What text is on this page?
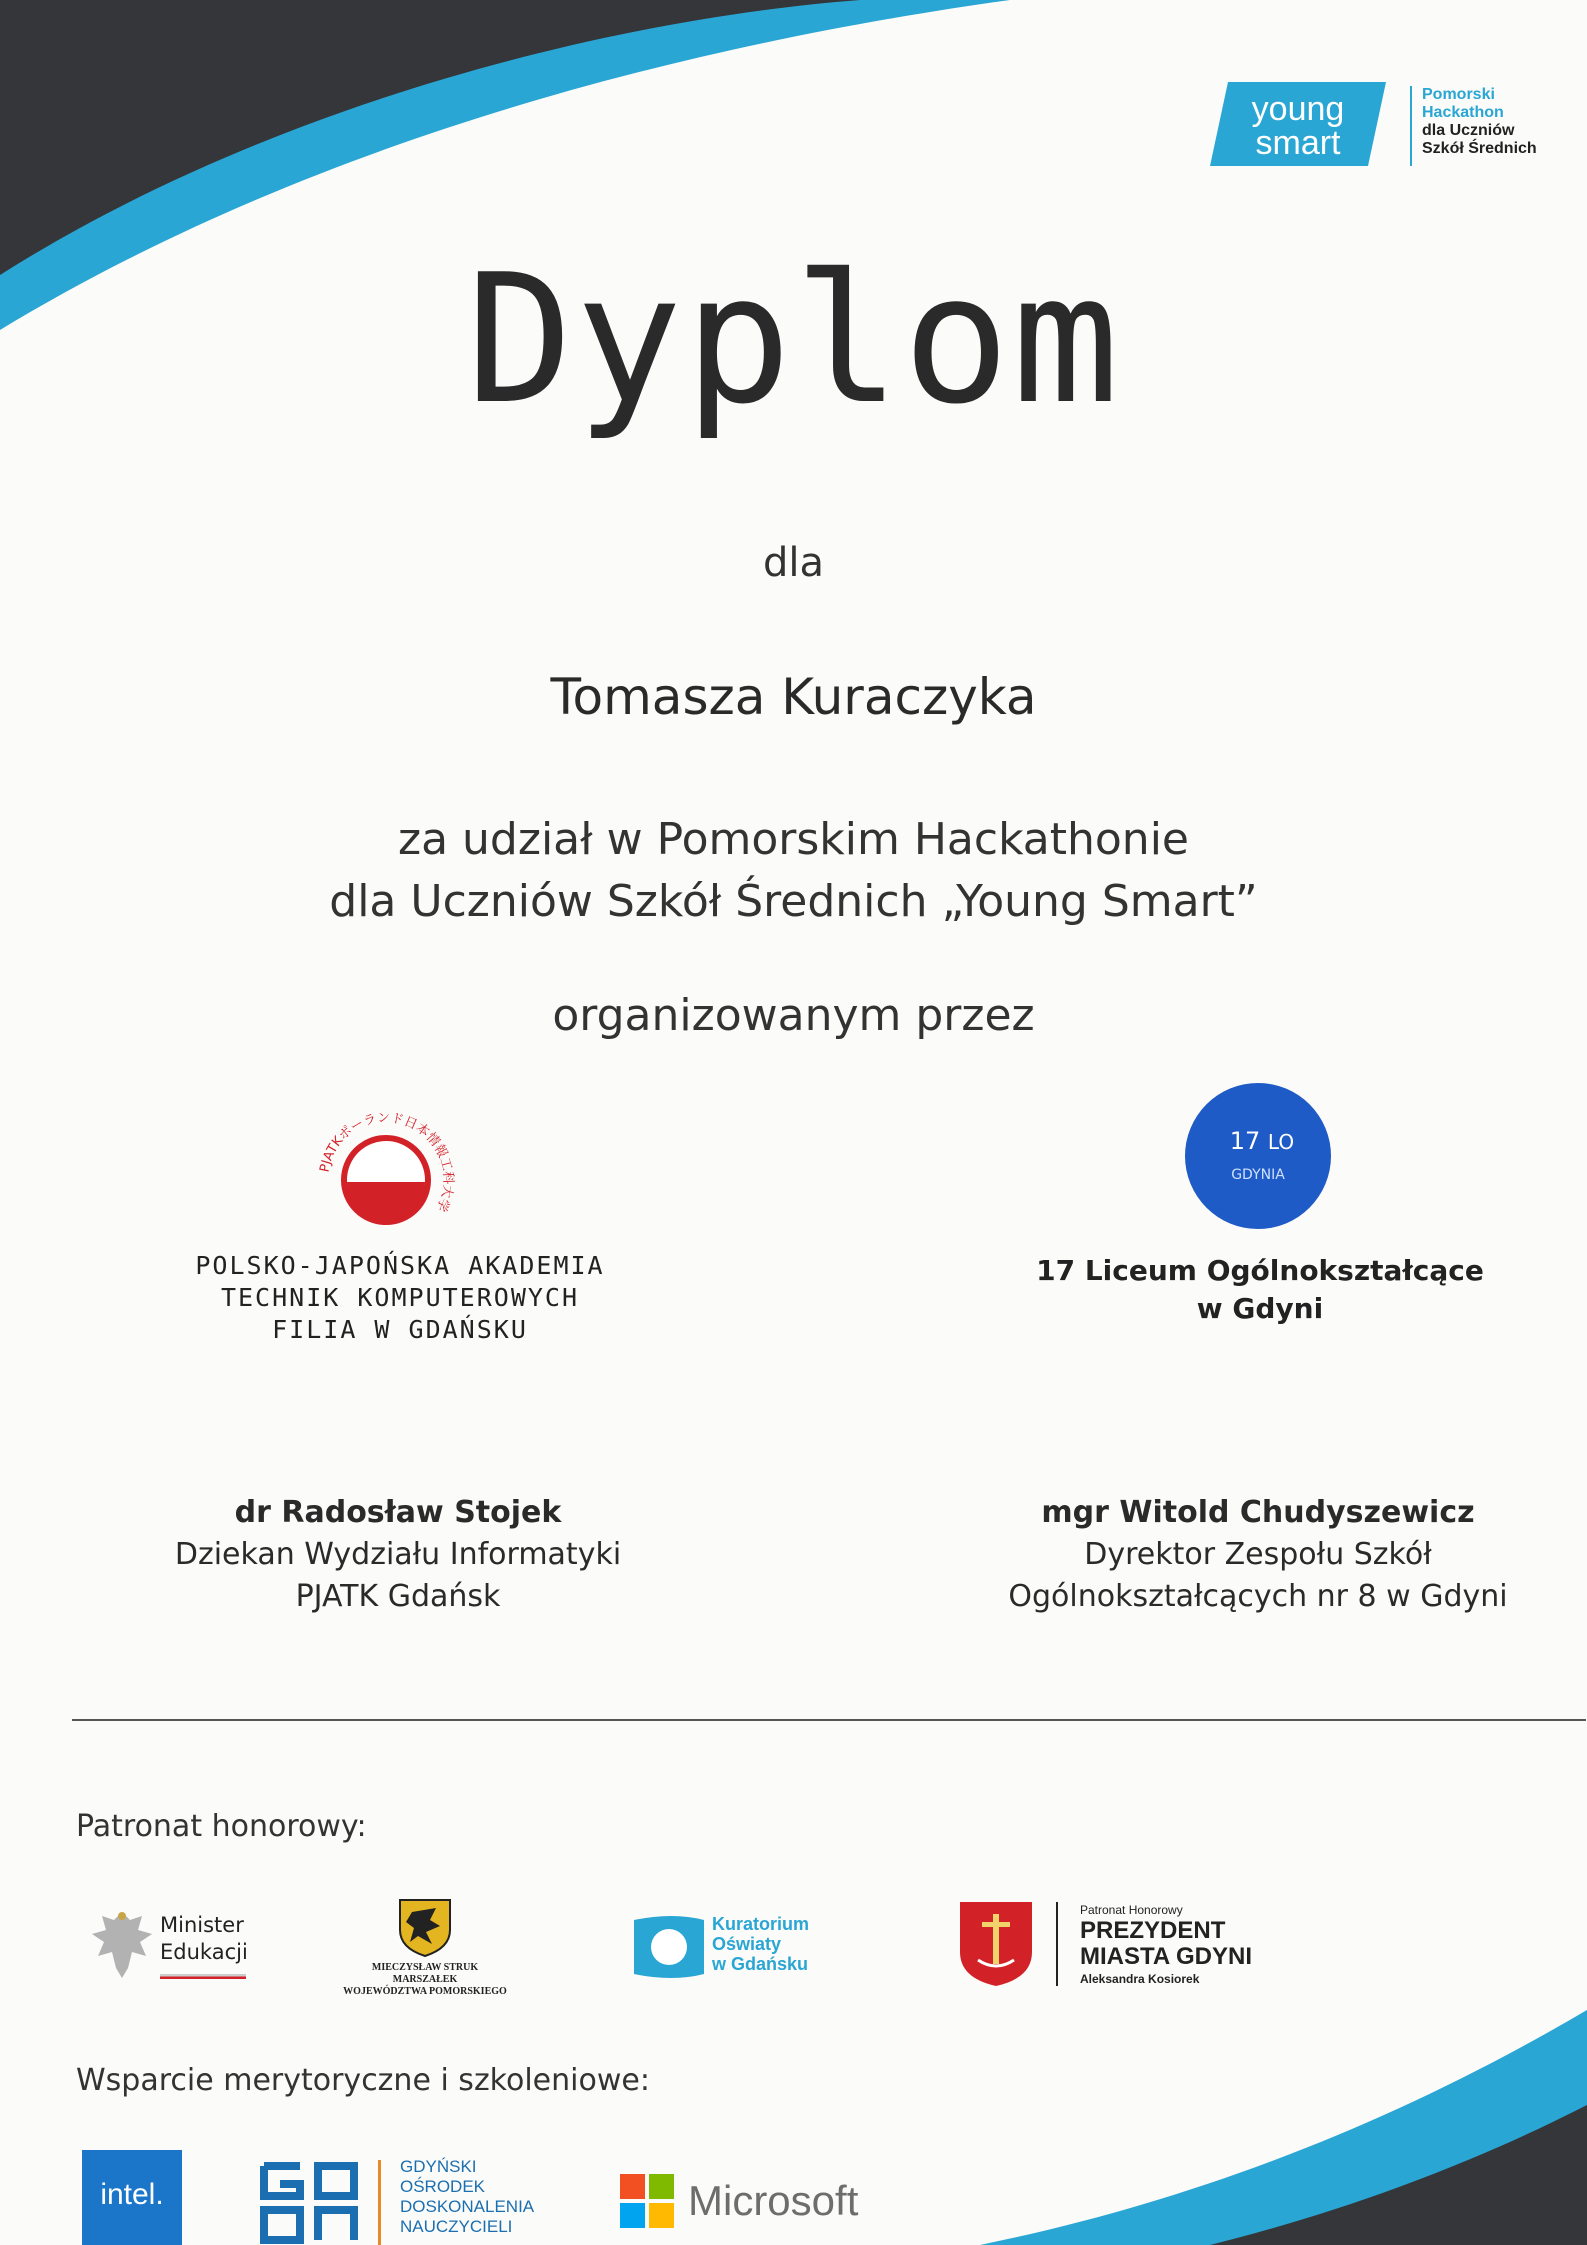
young
smart
Pomorski
Hackathon
dla Uczniów
Szkół Średnich
Dyplom
dla
Tomasza Kuraczyka
za udział w Pomorskim Hackathonie
dla Uczniów Szkół Średnich „Young Smart”
organizowanym przez
PJATKポーランド日本情報工科大学
POLSKO-JAPOŃSKA AKADEMIA
TECHNIK KOMPUTEROWYCH
FILIA W GDAŃSKU
17 LO
GDYNIA
17 Liceum Ogólnokształcące
w Gdyni
dr Radosław Stojek
Dziekan Wydziału Informatyki
PJATK Gdańsk
mgr Witold Chudyszewicz
Dyrektor Zespołu Szkół
Ogólnokształcących nr 8 w Gdyni
Patronat honorowy:
Minister
Edukacji
MIECZYSŁAW STRUK
MARSZAŁEK
WOJEWÓDZTWA POMORSKIEGO
Kuratorium
Oświaty
w Gdańsku
Patronat Honorowy
PREZYDENT
MIASTA GDYNI
Aleksandra Kosiorek
Wsparcie merytoryczne i szkoleniowe:
intel.
GDYŃSKI
OŚRODEK
DOSKONALENIA
NAUCZYCIELI
Microsoft
